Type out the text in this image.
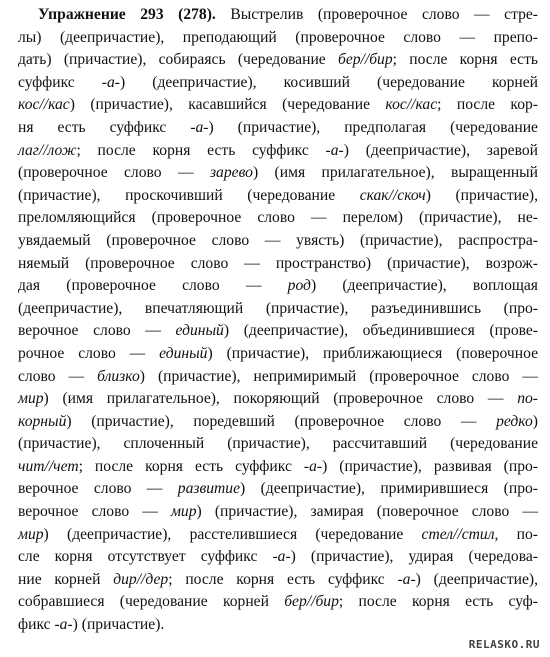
Упражнение 293 (278). Выстрелив (проверочное слово — стре-
лы) (деепричастие), преподающий (проверочное слово — препо-
дать) (причастие), собираясь (чередование бер//бир; после корня есть
суффикс -а-) (деепричастие), косивший (чередование корней
кос//кас) (причастие), касавшийся (чередование кос//кас; после кор-
ня есть суффикс -а-) (причастие), предполагая (чередование
лаг//лож; после корня есть суффикс -а-) (деепричастие), заревой
(проверочное слово — зарево) (имя прилагательное), выращенный
(причастие), проскочивший (чередование скак//скоч) (причастие),
преломляющийся (проверочное слово — перелом) (причастие), не-
увядаемый (проверочное слово — увясть) (причастие), распростра-
няемый (проверочное слово — пространство) (причастие), возрож-
дая (проверочное слово — род) (деепричастие), воплощая
(деепричастие), впечатляющий (причастие), разъединившись (про-
верочное слово — единый) (деепричастие), объединившиеся (прове-
рочное слово — единый) (причастие), приближающиеся (поверочное
слово — близко) (причастие), непримиримый (проверочное слово —
мир) (имя прилагательное), покоряющий (проверочное слово — по-
корный) (причастие), поредевший (проверочное слово — редко)
(причастие), сплоченный (причастие), рассчитавший (чередование
чит//чет; после корня есть суффикс -а-) (причастие), развивая (про-
верочное слово — развитие) (деепричастие), примирившиеся (про-
верочное слово — мир) (причастие), замирая (поверочное слово —
мир) (деепричастие), расстелившиеся (чередование стел//стил, по-
сле корня отсутствует суффикс -а-) (причастие), удирая (чередова-
ние корней дир//дер; после корня есть суффикс -а-) (деепричастие),
собравшиеся (чередование корней бер//бир; после корня есть суф-
фикс -а-) (причастие).
RELASKO.RU
